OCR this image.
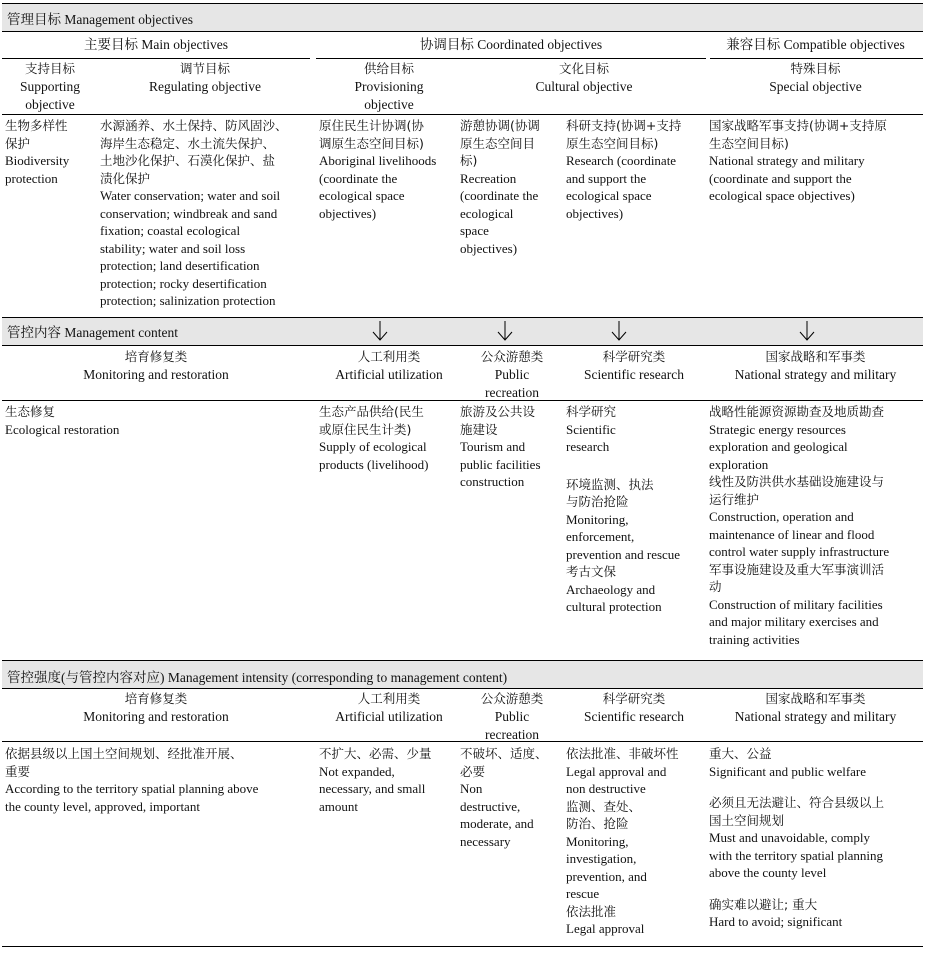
管理目标 Management objectives
主要目标 Main objectives	协调目标 Coordinated objectives	兼容目标 Compatible objectives
支持目标
Supporting
objective
调节目标
Regulating objective
供给目标
Provisioning
objective
文化目标
Cultural objective
特殊目标
Special objective
生物多样性
保护
Biodiversity
protection
水源涵养、水土保持、防风固沙、
海岸生态稳定、水土流失保护、
土地沙化保护、石漠化保护、盐
渍化保护
Water conservation; water and soil
conservation; windbreak and sand
fixation; coastal ecological
stability; water and soil loss
protection; land desertification
protection; rocky desertification
protection; salinization protection
原住民生计协调(协
调原生态空间目标)
Aboriginal livelihoods
(coordinate the
ecological space
objectives)
游憩协调(协调
原生态空间目
标)
Recreation
(coordinate the
ecological
space
objectives)
科研支持(协调+支持
原生态空间目标)
Research (coordinate
and support the
ecological space
objectives)
国家战略军事支持(协调+支持原
生态空间目标)
National strategy and military
(coordinate and support the
ecological space objectives)
管控内容 Management content
培育修复类
Monitoring and restoration
人工利用类
Artificial utilization
公众游憩类
Public
recreation
科学研究类
Scientific research
国家战略和军事类
National strategy and military
生态修复
Ecological restoration
生态产品供给(民生
或原住民生计类)
Supply of ecological
products (livelihood)
旅游及公共设
施建设
Tourism and
public facilities
construction
科学研究
Scientific
research
环境监测、执法
与防治抢险
Monitoring,
enforcement,
prevention and rescue
考古文保
Archaeology and
cultural protection
战略性能源资源勘查及地质勘查
Strategic energy resources
exploration and geological
exploration
线性及防洪供水基础设施建设与
运行维护
Construction, operation and
maintenance of linear and flood
control water supply infrastructure
军事设施建设及重大军事演训活
动
Construction of military facilities
and major military exercises and
training activities
管控强度(与管控内容对应) Management intensity (corresponding to management content)
培育修复类
Monitoring and restoration
人工利用类
Artificial utilization
公众游憩类
Public
recreation
科学研究类
Scientific research
国家战略和军事类
National strategy and military
依据县级以上国土空间规划、经批准开展、
重要
According to the territory spatial planning above
the county level, approved, important
不扩大、必需、少量
Not expanded,
necessary, and small
amount
不破坏、适度、
必要
Non
destructive,
moderate, and
necessary
依法批准、非破坏性
Legal approval and
non destructive
监测、查处、
防治、抢险
Monitoring,
investigation,
prevention, and
rescue
依法批准
Legal approval
重大、公益
Significant and public welfare
必须且无法避让、符合县级以上
国土空间规划
Must and unavoidable, comply
with the territory spatial planning
above the county level
确实难以避让; 重大
Hard to avoid; significant
